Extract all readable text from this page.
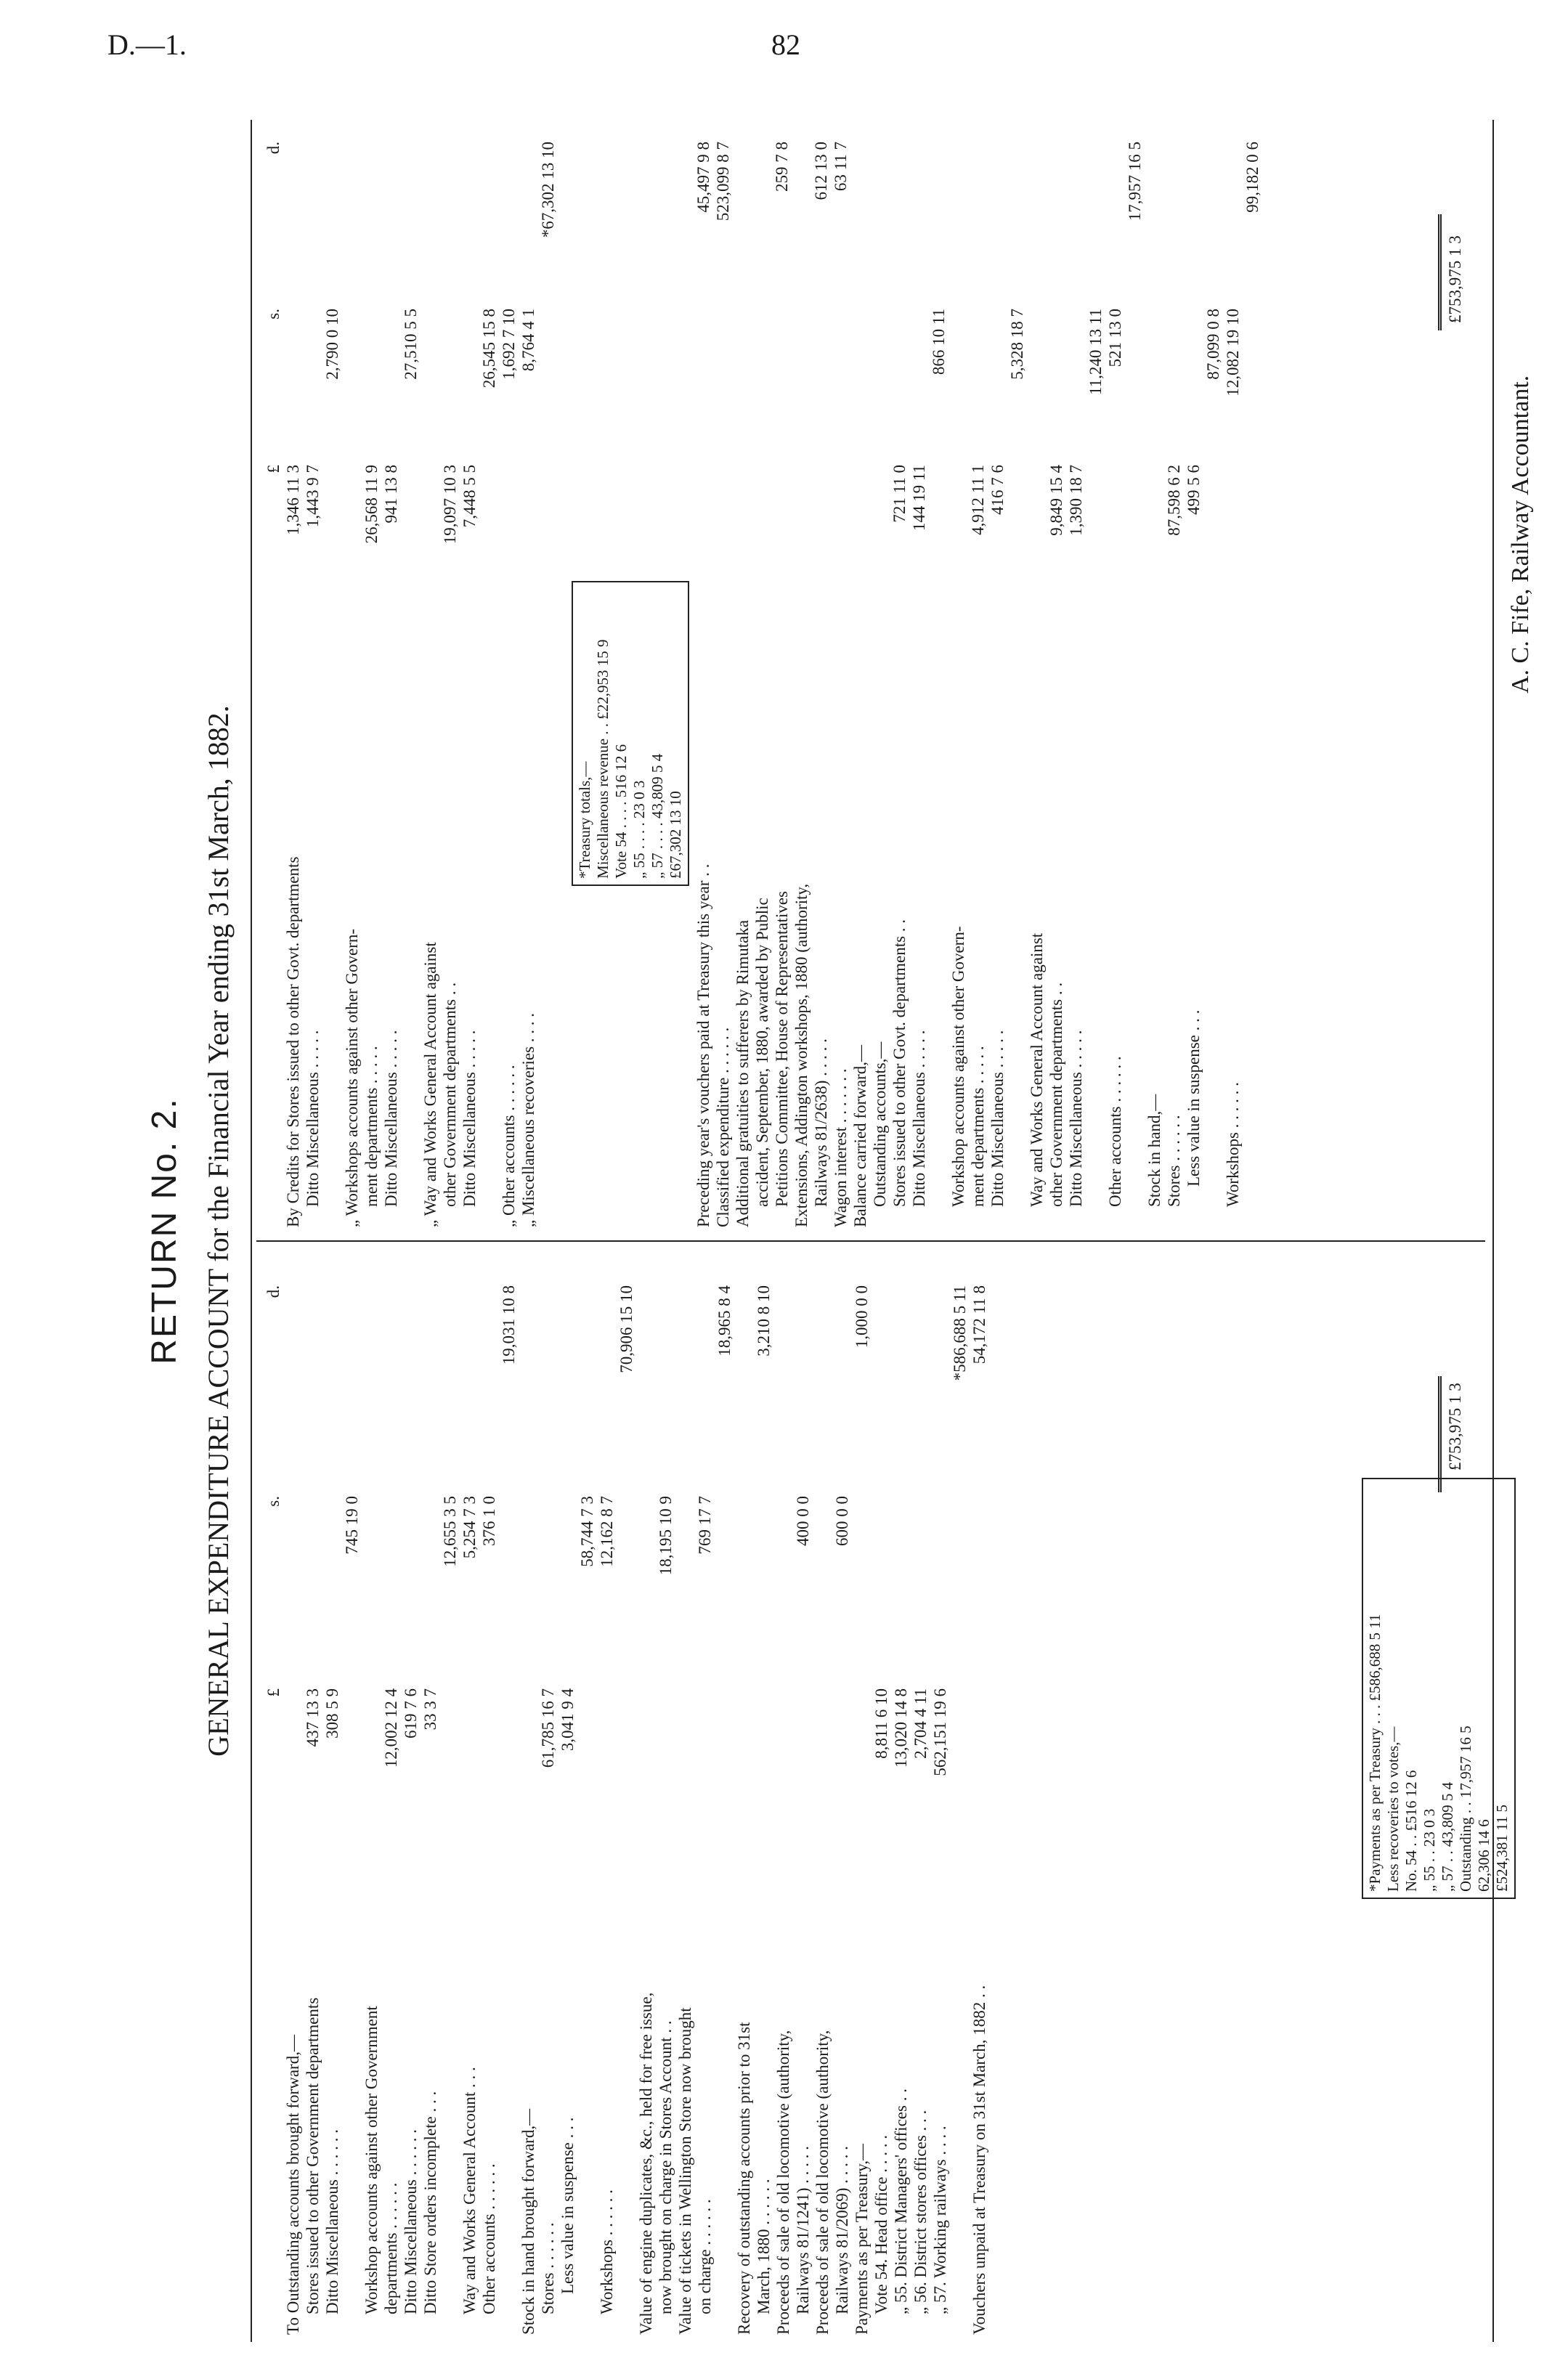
D.—1.	82
RETURN No. 2. GENERAL EXPENDITURE ACCOUNT for the Financial Year ending 31st March, 1882. £
s.
d.
To Outstanding accounts brought forward,— Stores issued to other Government departments
437 13 3
Ditto Miscellaneous . . . . . .
308 5 9
745 19 0
Workshop accounts against other Government departments . . . . . .
12,002 12 4
Ditto Miscellaneous . . . . . .
619 7 6
Ditto Store orders incomplete . . .
33 3 7
12,655 3 5
Way and Works General Account . . .
5,254 7 3
Other accounts . . . . . .
376 1 0
19,031 10 8
Stock in hand brought forward,— Stores . . . . . .
61,785 16 7
Less value in suspense . . .
3,041 9 4
58,744 7 3
Workshops . . . . . .
12,162 8 7
70,906 15 10
Value of engine duplicates, &c., held for free issue, now brought on charge in Stores Account . .
18,195 10 9
Value of tickets in Wellington Store now brought on charge . . . . . .
769 17 7
18,965 8 4
Recovery of outstanding accounts prior to 31st March, 1880 . . . . . .
3,210 8 10
Proceeds of sale of old locomotive (authority, Railways 81/1241) . . . . .
400 0 0
Proceeds of sale of old locomotive (authority, Railways 81/2069) . . . . .
600 0 0
Payments as per Treasury,—
1,000 0 0
Vote 54. Head office . . . . .
8,811 6 10
„ 55. District Managers' offices . .
13,020 14 8
„ 56. District stores offices . . .
2,704 4 11
„ 57. Working railways . . . .
562,151 19 6
*586,688 5 11
Vouchers unpaid at Treasury on 31st March, 1882 . .
54,172 11 8
£
s.
d.
By Credits for Stores issued to other Govt. departments
1,346 11 3
Ditto Miscellaneous . . . . .
1,443 9 7
2,790 0 10
„ Workshops accounts against other Govern- ment departments . . . . .
26,568 11 9
Ditto Miscellaneous . . . . .
941 13 8
27,510 5 5
„ Way and Works General Account against other Government departments . .
19,097 10 3
Ditto Miscellaneous . . . . .
7,448 5 5
26,545 15 8
„ Other accounts . . . . . .
1,692 7 10
„ Miscellaneous recoveries . . . .
8,764 4 1
*67,302 13 10
*Treasury totals,— Miscellaneous revenue . . £22,953 15 9 Vote 54 . . . . 516 12 6 „ 55 . . . . 23 0 3 „ 57 . . . . 43,809 5 4 £67,302 13 10
Preceding year's vouchers paid at Treasury this year . .
45,497 9 8
Classified expenditure . . . . . .
523,099 8 7
Additional gratuities to sufferers by Rimutaka accident, September, 1880, awarded by Public Petitions Committee, House of Representatives
259 7 8
Extensions, Addington workshops, 1880 (authority, Railways 81/2638) . . . . .
612 13 0
Wagon interest . . . . . . .
63 11 7
Balance carried forward,— Outstanding accounts,— Stores issued to other Govt. departments . .
721 11 0
Ditto Miscellaneous . . . . .
144 19 11
866 10 11
Workshop accounts against other Govern- ment departments . . . . .
4,912 11 1
Ditto Miscellaneous . . . . .
416 7 6
5,328 18 7
Way and Works General Account against other Government departments . .
9,849 15 4
Ditto Miscellaneous . . . . .
1,390 18 7
11,240 13 11
Other accounts . . . . . .
521 13 0
17,957 16 5
Stock in hand,— Stores . . . . . .
87,598 6 2
Less value in suspense . . .
499 5 6
87,099 0 8
Workshops . . . . . .
12,082 19 10
99,182 0 6
£753,975 1 3
£753,975 1 3
*Payments as per Treasury . . . £586,688 5 11 Less recoveries to votes,— No. 54 . . £516 12 6 „ 55 . . 23 0 3 „ 57 . . 43,809 5 4 Outstanding . . 17,957 16 5 62,306 14 6 £524,381 11 5
A. C. Fife, Railway Accountant.
